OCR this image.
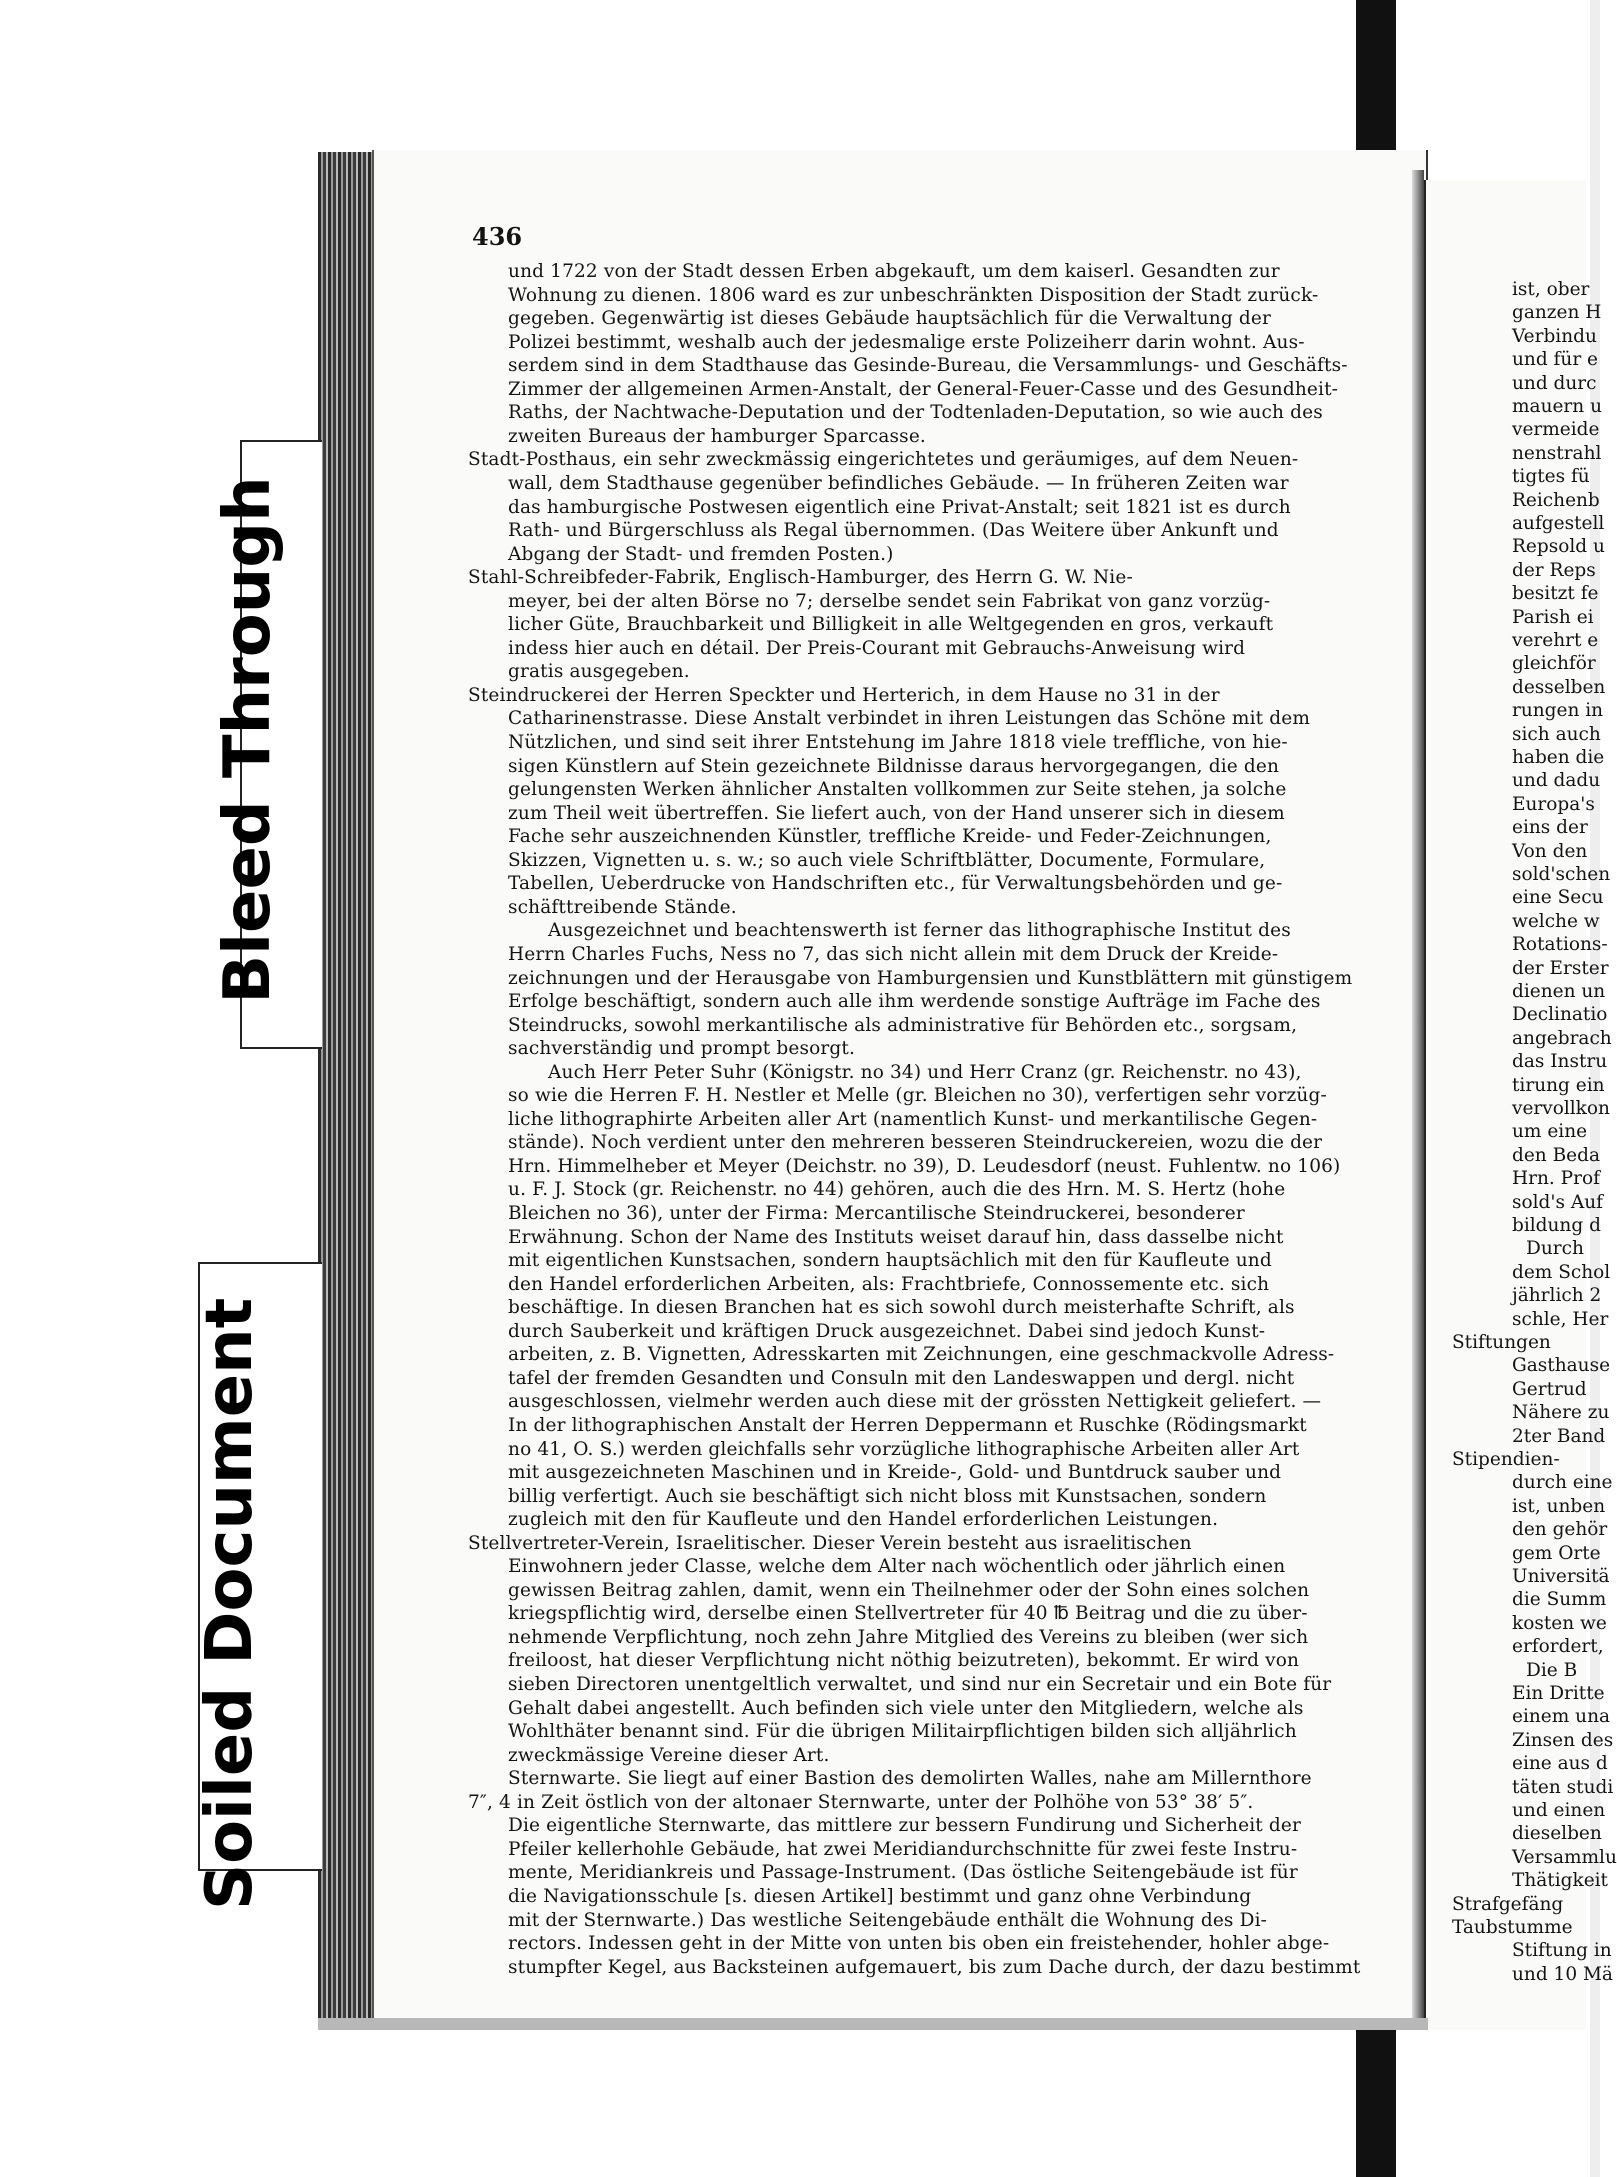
Bleed Through
Soiled Document
436
und 1722 von der Stadt dessen Erben abgekauft, um dem kaiserl. Gesandten zur
Wohnung zu dienen. 1806 ward es zur unbeschränkten Disposition der Stadt zurück-
gegeben. Gegenwärtig ist dieses Gebäude hauptsächlich für die Verwaltung der
Polizei bestimmt, weshalb auch der jedesmalige erste Polizeiherr darin wohnt. Aus-
serdem sind in dem Stadthause das Gesinde-Bureau, die Versammlungs- und Geschäfts-
Zimmer der allgemeinen Armen-Anstalt, der General-Feuer-Casse und des Gesundheit-
Raths, der Nachtwache-Deputation und der Todtenladen-Deputation, so wie auch des
zweiten Bureaus der hamburger Sparcasse.
Stadt-Posthaus, ein sehr zweckmässig eingerichtetes und geräumiges, auf dem Neuen-
wall, dem Stadthause gegenüber befindliches Gebäude. — In früheren Zeiten war
das hamburgische Postwesen eigentlich eine Privat-Anstalt; seit 1821 ist es durch
Rath- und Bürgerschluss als Regal übernommen. (Das Weitere über Ankunft und
Abgang der Stadt- und fremden Posten.)
Stahl-Schreibfeder-Fabrik, Englisch-Hamburger, des Herrn G. W. Nie-
meyer, bei der alten Börse no 7; derselbe sendet sein Fabrikat von ganz vorzüg-
licher Güte, Brauchbarkeit und Billigkeit in alle Weltgegenden en gros, verkauft
indess hier auch en détail. Der Preis-Courant mit Gebrauchs-Anweisung wird
gratis ausgegeben.
Steindruckerei der Herren Speckter und Herterich, in dem Hause no 31 in der
Catharinenstrasse. Diese Anstalt verbindet in ihren Leistungen das Schöne mit dem
Nützlichen, und sind seit ihrer Entstehung im Jahre 1818 viele treffliche, von hie-
sigen Künstlern auf Stein gezeichnete Bildnisse daraus hervorgegangen, die den
gelungensten Werken ähnlicher Anstalten vollkommen zur Seite stehen, ja solche
zum Theil weit übertreffen. Sie liefert auch, von der Hand unserer sich in diesem
Fache sehr auszeichnenden Künstler, treffliche Kreide- und Feder-Zeichnungen,
Skizzen, Vignetten u. s. w.; so auch viele Schriftblätter, Documente, Formulare,
Tabellen, Ueberdrucke von Handschriften etc., für Verwaltungsbehörden und ge-
schäfttreibende Stände.
Ausgezeichnet und beachtenswerth ist ferner das lithographische Institut des
Herrn Charles Fuchs, Ness no 7, das sich nicht allein mit dem Druck der Kreide-
zeichnungen und der Herausgabe von Hamburgensien und Kunstblättern mit günstigem
Erfolge beschäftigt, sondern auch alle ihm werdende sonstige Aufträge im Fache des
Steindrucks, sowohl merkantilische als administrative für Behörden etc., sorgsam,
sachverständig und prompt besorgt.
Auch Herr Peter Suhr (Königstr. no 34) und Herr Cranz (gr. Reichenstr. no 43),
so wie die Herren F. H. Nestler et Melle (gr. Bleichen no 30), verfertigen sehr vorzüg-
liche lithographirte Arbeiten aller Art (namentlich Kunst- und merkantilische Gegen-
stände). Noch verdient unter den mehreren besseren Steindruckereien, wozu die der
Hrn. Himmelheber et Meyer (Deichstr. no 39), D. Leudesdorf (neust. Fuhlentw. no 106)
u. F. J. Stock (gr. Reichenstr. no 44) gehören, auch die des Hrn. M. S. Hertz (hohe
Bleichen no 36), unter der Firma: Mercantilische Steindruckerei, besonderer
Erwähnung. Schon der Name des Instituts weiset darauf hin, dass dasselbe nicht
mit eigentlichen Kunstsachen, sondern hauptsächlich mit den für Kaufleute und
den Handel erforderlichen Arbeiten, als: Frachtbriefe, Connossemente etc. sich
beschäftige. In diesen Branchen hat es sich sowohl durch meisterhafte Schrift, als
durch Sauberkeit und kräftigen Druck ausgezeichnet. Dabei sind jedoch Kunst-
arbeiten, z. B. Vignetten, Adresskarten mit Zeichnungen, eine geschmackvolle Adress-
tafel der fremden Gesandten und Consuln mit den Landeswappen und dergl. nicht
ausgeschlossen, vielmehr werden auch diese mit der grössten Nettigkeit geliefert. —
In der lithographischen Anstalt der Herren Deppermann et Ruschke (Rödingsmarkt
no 41, O. S.) werden gleichfalls sehr vorzügliche lithographische Arbeiten aller Art
mit ausgezeichneten Maschinen und in Kreide-, Gold- und Buntdruck sauber und
billig verfertigt. Auch sie beschäftigt sich nicht bloss mit Kunstsachen, sondern
zugleich mit den für Kaufleute und den Handel erforderlichen Leistungen.
Stellvertreter-Verein, Israelitischer. Dieser Verein besteht aus israelitischen
Einwohnern jeder Classe, welche dem Alter nach wöchentlich oder jährlich einen
gewissen Beitrag zahlen, damit, wenn ein Theilnehmer oder der Sohn eines solchen
kriegspflichtig wird, derselbe einen Stellvertreter für 40 ℔ Beitrag und die zu über-
nehmende Verpflichtung, noch zehn Jahre Mitglied des Vereins zu bleiben (wer sich
freiloost, hat dieser Verpflichtung nicht nöthig beizutreten), bekommt. Er wird von
sieben Directoren unentgeltlich verwaltet, und sind nur ein Secretair und ein Bote für
Gehalt dabei angestellt. Auch befinden sich viele unter den Mitgliedern, welche als
Wohlthäter benannt sind. Für die übrigen Militairpflichtigen bilden sich alljährlich
zweckmässige Vereine dieser Art.
Sternwarte. Sie liegt auf einer Bastion des demolirten Walles, nahe am Millernthore
7″, 4 in Zeit östlich von der altonaer Sternwarte, unter der Polhöhe von 53° 38′ 5″.
Die eigentliche Sternwarte, das mittlere zur bessern Fundirung und Sicherheit der
Pfeiler kellerhohle Gebäude, hat zwei Meridiandurchschnitte für zwei feste Instru-
mente, Meridiankreis und Passage-Instrument. (Das östliche Seitengebäude ist für
die Navigationsschule [s. diesen Artikel] bestimmt und ganz ohne Verbindung
mit der Sternwarte.) Das westliche Seitengebäude enthält die Wohnung des Di-
rectors. Indessen geht in der Mitte von unten bis oben ein freistehender, hohler abge-
stumpfter Kegel, aus Backsteinen aufgemauert, bis zum Dache durch, der dazu bestimmt
ist, ober
ganzen H
Verbindu
und für e
und durc
mauern u
vermeide
nenstrahl
tigtes fü
Reichenb
aufgestell
Repsold u
der Reps
besitzt fe
Parish ei
verehrt e
gleichför
desselben
rungen in
sich auch
haben die
und dadu
Europa's
eins der
Von den
sold'schen
eine Secu
welche w
Rotations-
der Erster
dienen un
Declinatio
angebrach
das Instru
tirung ein
vervollkon
um eine
den Beda
Hrn. Prof
sold's Auf
bildung d
Durch
dem Schol
jährlich 2
schle, Her
Stiftungen
Gasthause
Gertrud
Nähere zu
2ter Band
Stipendien-
durch eine
ist, unben
den gehör
gem Orte
Universitä
die Summ
kosten we
erfordert,
Die B
Ein Dritte
einem una
Zinsen des
eine aus d
täten studi
und einen
dieselben
Versammlu
Thätigkeit
Strafgefäng
Taubstumme
Stiftung in
und 10 Mä
